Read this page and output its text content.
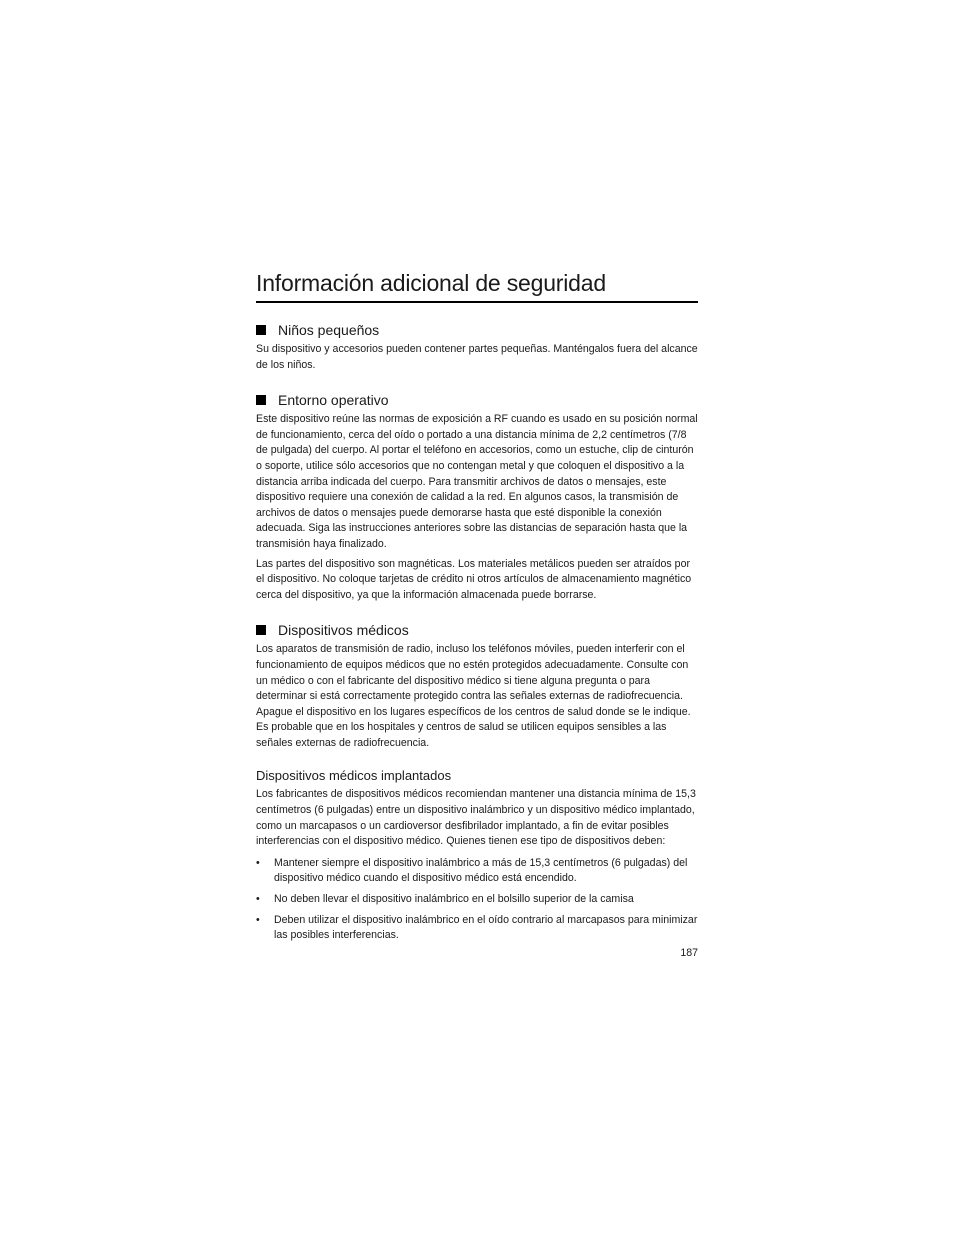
Información adicional de seguridad
Niños pequeños

Su dispositivo y accesorios pueden contener partes pequeñas. Manténgalos fuera del alcance de los niños.

Entorno operativo

Este dispositivo reúne las normas de exposición a RF cuando es usado en su posición normal de funcionamiento, cerca del oído o portado a una distancia mínima de 2,2 centímetros (7/8 de pulgada) del cuerpo. Al portar el teléfono en accesorios, como un estuche, clip de cinturón o soporte, utilice sólo accesorios que no contengan metal y que coloquen el dispositivo a la distancia arriba indicada del cuerpo. Para transmitir archivos de datos o mensajes, este dispositivo requiere una conexión de calidad a la red. En algunos casos, la transmisión de archivos de datos o mensajes puede demorarse hasta que esté disponible la conexión adecuada. Siga las instrucciones anteriores sobre las distancias de separación hasta que la transmisión haya finalizado.

Las partes del dispositivo son magnéticas. Los materiales metálicos pueden ser atraídos por el dispositivo. No coloque tarjetas de crédito ni otros artículos de almacenamiento magnético cerca del dispositivo, ya que la información almacenada puede borrarse.

Dispositivos médicos

Los aparatos de transmisión de radio, incluso los teléfonos móviles, pueden interferir con el funcionamiento de equipos médicos que no estén protegidos adecuadamente. Consulte con un médico o con el fabricante del dispositivo médico si tiene alguna pregunta o para determinar si está correctamente protegido contra las señales externas de radiofrecuencia. Apague el dispositivo en los lugares específicos de los centros de salud donde se le indique. Es probable que en los hospitales y centros de salud se utilicen equipos sensibles a las señales externas de radiofrecuencia.

Dispositivos médicos implantados

Los fabricantes de dispositivos médicos recomiendan mantener una distancia mínima de 15,3 centímetros (6 pulgadas) entre un dispositivo inalámbrico y un dispositivo médico implantado, como un marcapasos o un cardioversor desfibrilador implantado, a fin de evitar posibles interferencias con el dispositivo médico. Quienes tienen ese tipo de dispositivos deben:

• Mantener siempre el dispositivo inalámbrico a más de 15,3 centímetros (6 pulgadas) del dispositivo médico cuando el dispositivo médico está encendido.
• No deben llevar el dispositivo inalámbrico en el bolsillo superior de la camisa
• Deben utilizar el dispositivo inalámbrico en el oído contrario al marcapasos para minimizar las posibles interferencias.
187
